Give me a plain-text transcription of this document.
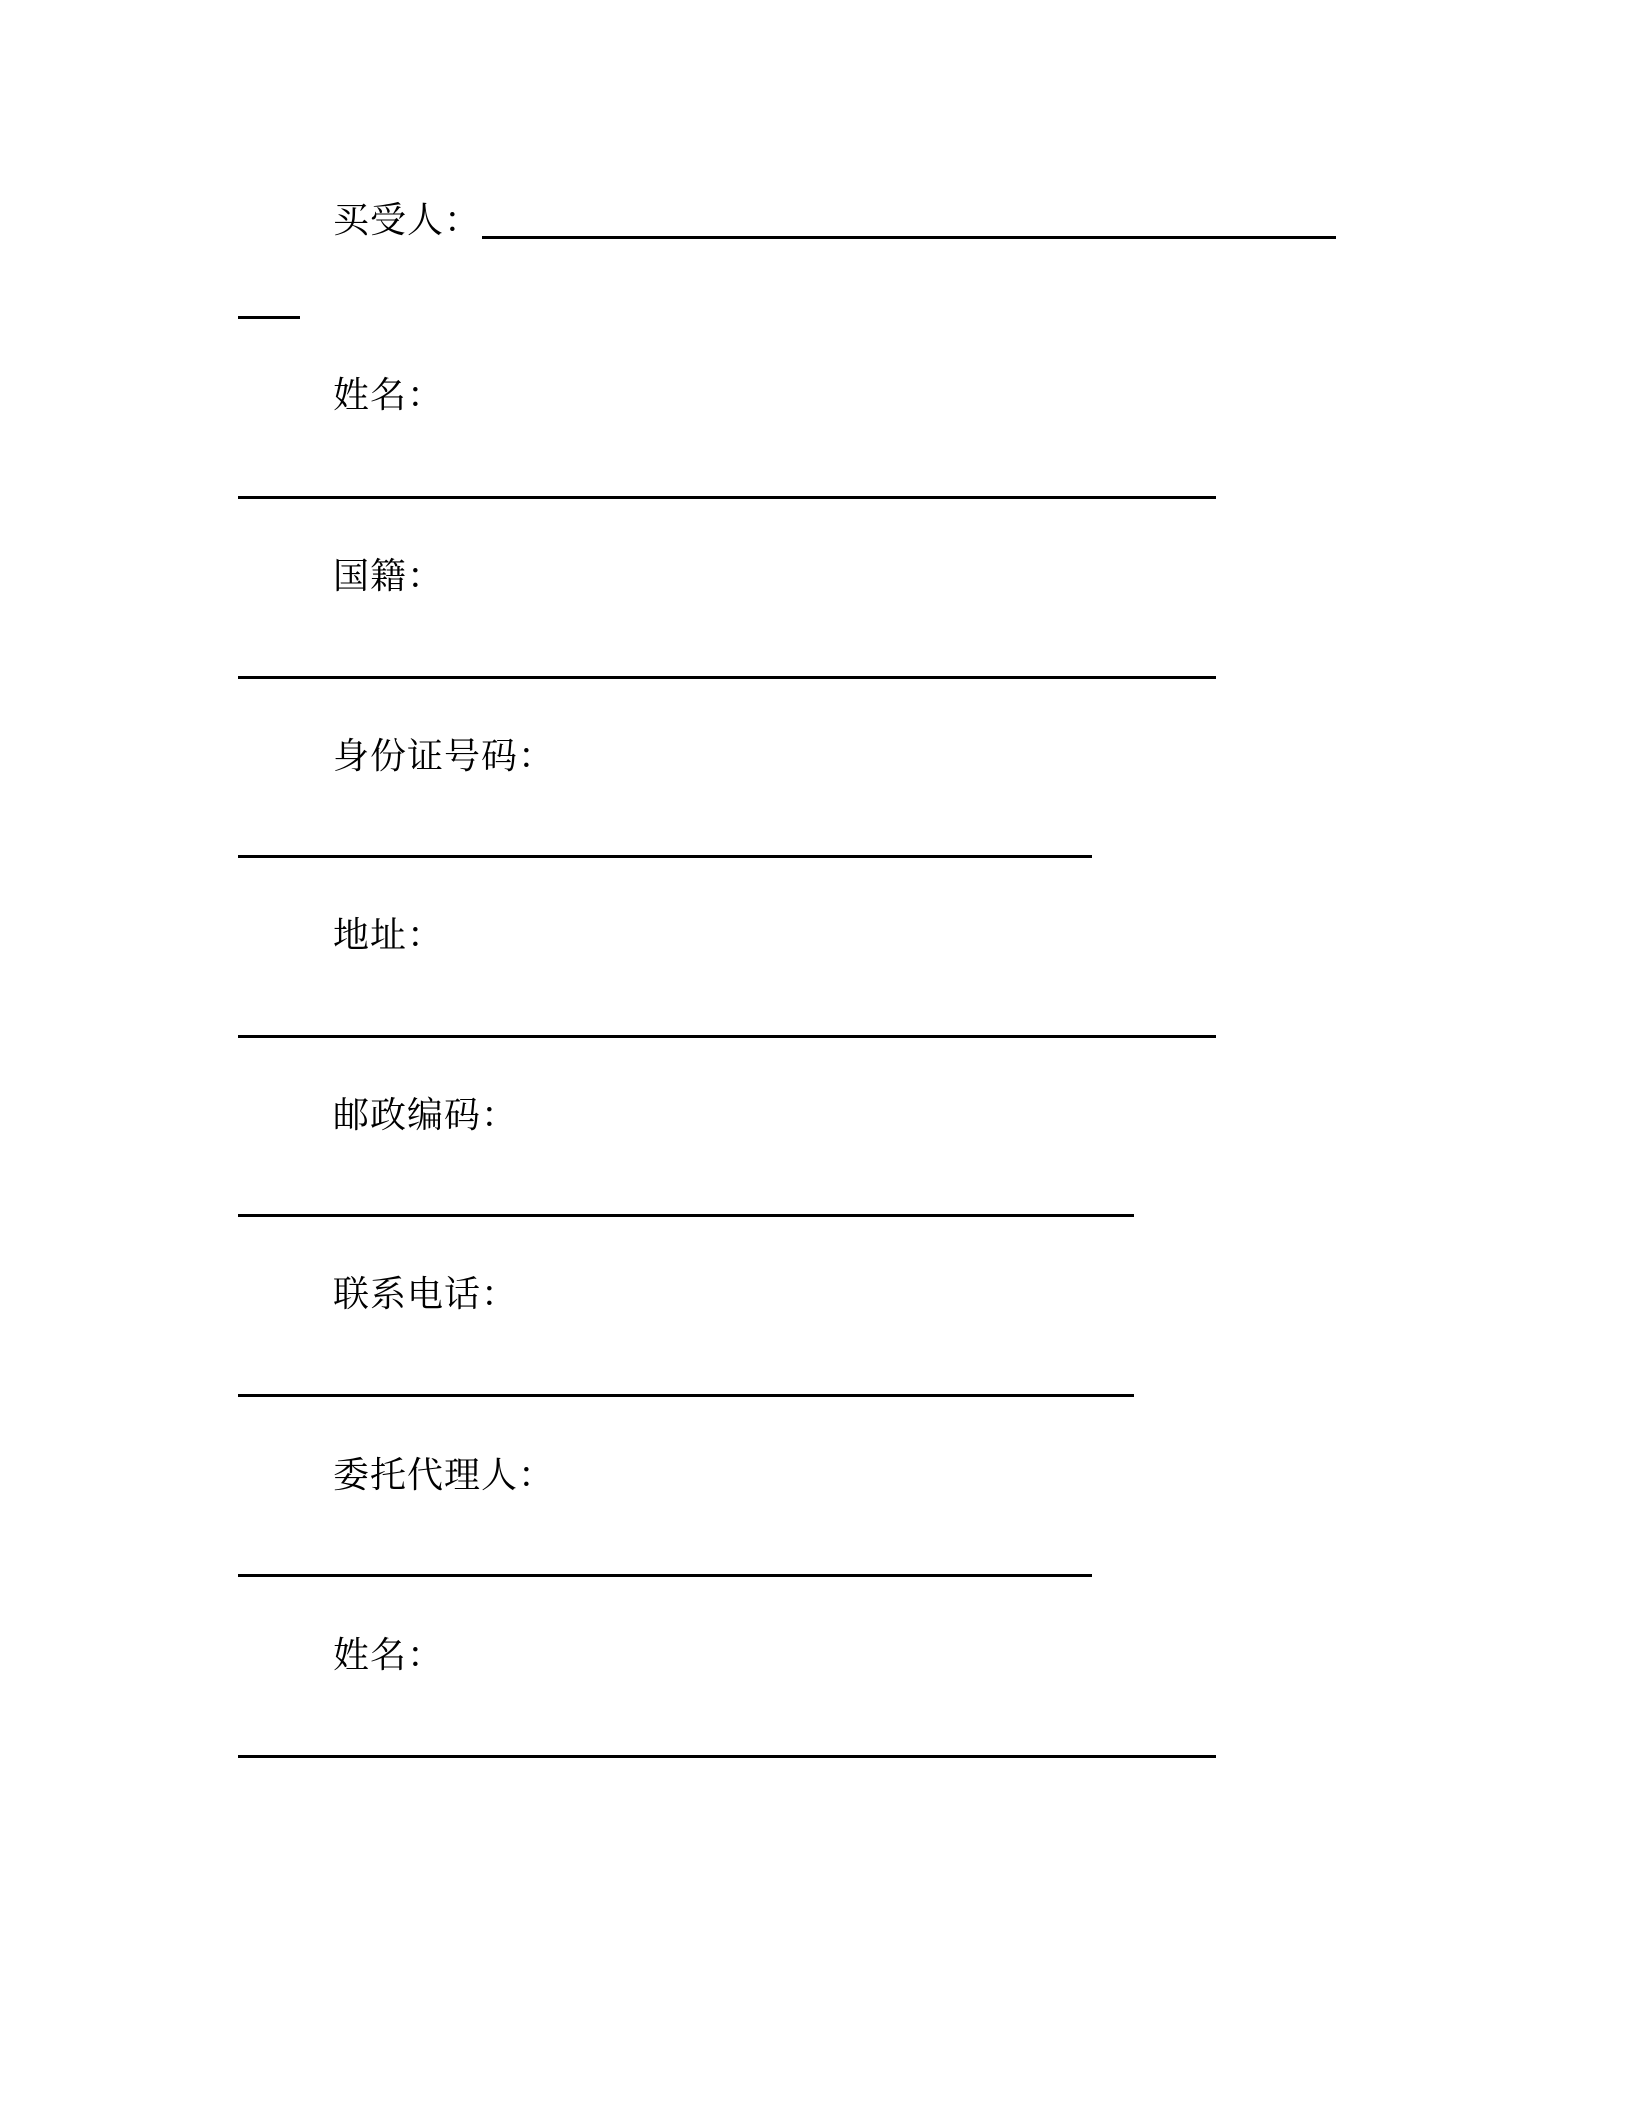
买受人：
姓名：
国籍：
身份证号码：
地址：
邮政编码：
联系电话：
委托代理人：
姓名：
